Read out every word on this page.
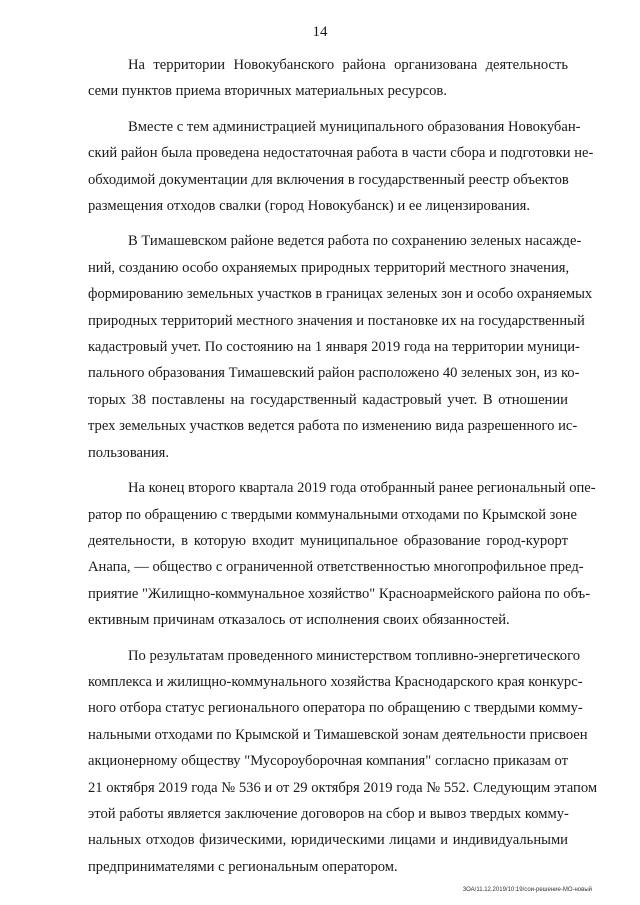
14
На территории Новокубанского района организована деятельность
семи пунктов приема вторичных материальных ресурсов.
Вместе с тем администрацией муниципального образования Новокубан-
ский район была проведена недостаточная работа в части сбора и подготовки не-
обходимой документации для включения в государственный реестр объектов
размещения отходов свалки (город Новокубанск) и ее лицензирования.
В Тимашевском районе ведется работа по сохранению зеленых насажде-
ний, созданию особо охраняемых природных территорий местного значения,
формированию земельных участков в границах зеленых зон и особо охраняемых
природных территорий местного значения и постановке их на государственный
кадастровый учет. По состоянию на 1 января 2019 года на территории муници-
пального образования Тимашевский район расположено 40 зеленых зон, из ко-
торых 38 поставлены на государственный кадастровый учет. В отношении
трех земельных участков ведется работа по изменению вида разрешенного ис-
пользования.
На конец второго квартала 2019 года отобранный ранее региональный опе-
ратор по обращению с твердыми коммунальными отходами по Крымской зоне
деятельности, в которую входит муниципальное образование город-курорт
Анапа, — общество с ограниченной ответственностью многопрофильное пред-
приятие "Жилищно-коммунальное хозяйство" Красноармейского района по объ-
ективным причинам отказалось от исполнения своих обязанностей.
По результатам проведенного министерством топливно-энергетического
комплекса и жилищно-коммунального хозяйства Краснодарского края конкурс-
ного отбора статус регионального оператора по обращению с твердыми комму-
нальными отходами по Крымской и Тимашевской зонам деятельности присвоен
акционерному обществу "Мусороуборочная компания" согласно приказам от
21 октября 2019 года № 536 и от 29 октября 2019 года № 552. Следующим этапом
этой работы является заключение договоров на сбор и вывоз твердых комму-
нальных отходов физическими, юридическими лицами и индивидуальными
предпринимателями с региональным оператором.
ЗОА/11.12.2019/10:19/сои-решение-МО-новый
